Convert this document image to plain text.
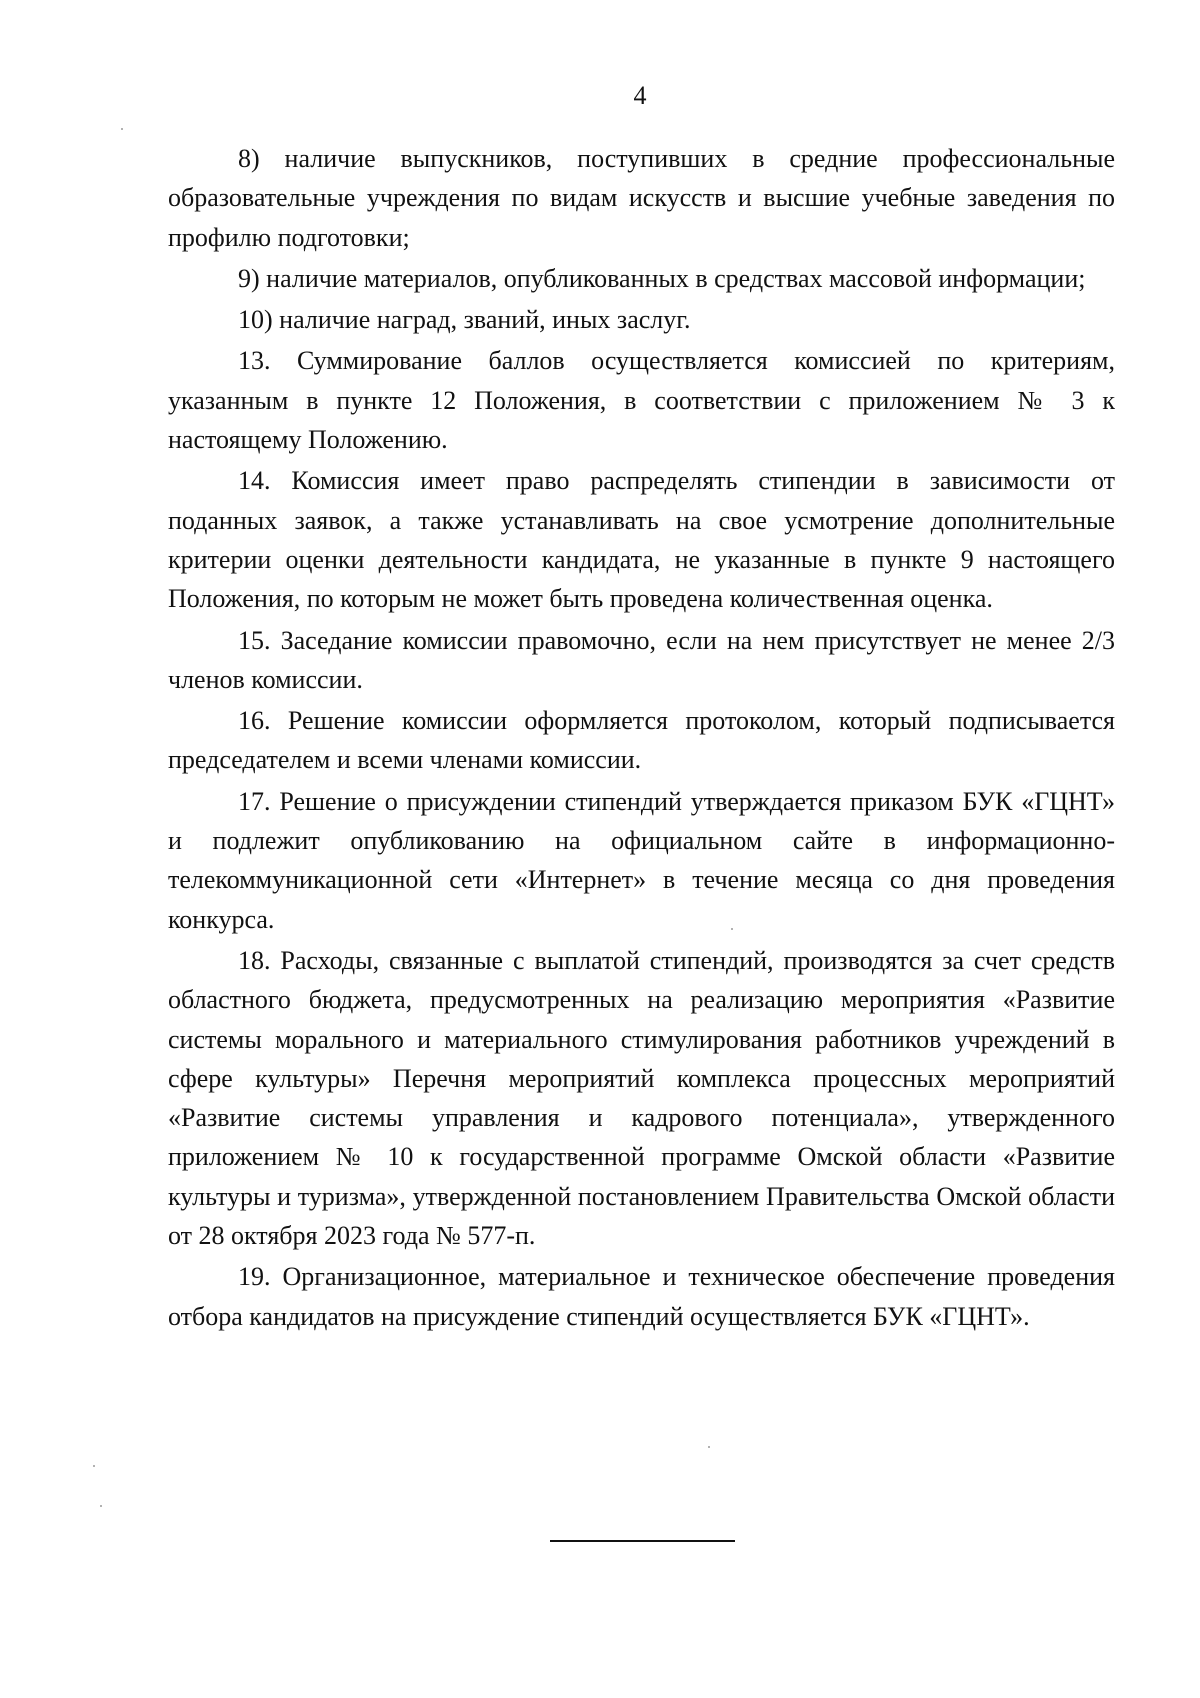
4

8) наличие выпускников, поступивших в средние профессиональные образовательные учреждения по видам искусств и высшие учебные заведения по профилю подготовки;

9) наличие материалов, опубликованных в средствах массовой информации;

10) наличие наград, званий, иных заслуг.

13. Суммирование баллов осуществляется комиссией по критериям, указанным в пункте 12 Положения, в соответствии с приложением № 3 к настоящему Положению.

14. Комиссия имеет право распределять стипендии в зависимости от поданных заявок, а также устанавливать на свое усмотрение дополнительные критерии оценки деятельности кандидата, не указанные в пункте 9 настоящего Положения, по которым не может быть проведена количественная оценка.

15. Заседание комиссии правомочно, если на нем присутствует не менее 2/3 членов комиссии.

16. Решение комиссии оформляется протоколом, который подписывается председателем и всеми членами комиссии.

17. Решение о присуждении стипендий утверждается приказом БУК «ГЦНТ» и подлежит опубликованию на официальном сайте в информационно-телекоммуникационной сети «Интернет» в течение месяца со дня проведения конкурса.

18. Расходы, связанные с выплатой стипендий, производятся за счет средств областного бюджета, предусмотренных на реализацию мероприятия «Развитие системы морального и материального стимулирования работников учреждений в сфере культуры» Перечня мероприятий комплекса процессных мероприятий «Развитие системы управления и кадрового потенциала», утвержденного приложением № 10 к государственной программе Омской области «Развитие культуры и туризма», утвержденной постановлением Правительства Омской области от 28 октября 2023 года № 577-п.

19. Организационное, материальное и техническое обеспечение проведения отбора кандидатов на присуждение стипендий осуществляется БУК «ГЦНТ».
